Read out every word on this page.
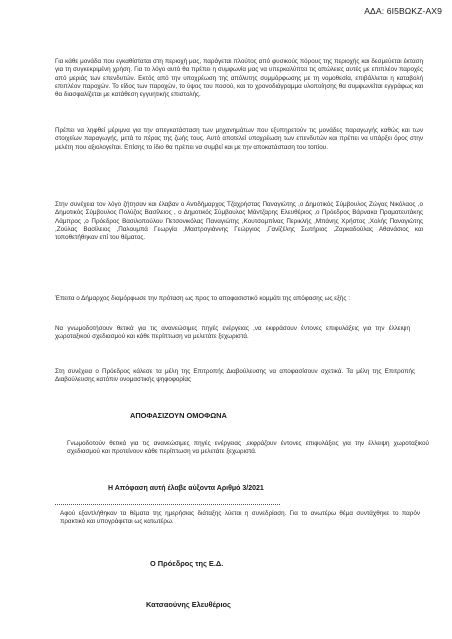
ΑΔΑ: 6Ι5ΒΩΚΖ-ΑΧ9
Για κάθε μονάδα που εγκαθίσταται στη περιοχή μας, παράγεται πλούτος από φυσικούς πόρους της περιοχής και δεσμεύεται έκταση για τη συγκεκριμένη χρήση. Για το λόγο αυτό θα πρέπει η συμφωνία μας να υπερκαλύπτει τις απώλειες αυτές με επιπλέον παροχές από μεριάς των επενδυτών. Εκτός από την υποχρέωση της απόλυτης συμμόρφωσης με τη νομοθεσία, επιβάλλεται η καταβολή επιπλέον παροχών. Το είδος των παροχών, το ύψος του ποσού, και το χρονοδιάγραμμα υλοποίησης θα συμφωνείται εγγράφως και θα διασφαλίζεται με κατάθεση εγγυητικής επιστολής.
Πρέπει να ληφθεί μέριμνα για την απεγκατάσταση των μηχανημάτων που εξυπηρετούν τις μονάδες παραγωγής καθώς και των στοιχείων παραγωγής, μετά το πέρας της ζωής τους. Αυτό αποτελεί υποχρέωση των επενδυτών και πρέπει να υπάρξει όρος στην μελέτη που αξιολογείται. Επίσης το ίδιο θα πρέπει να συμβεί και με την αποκατάσταση του τοπίου.
Στην συνέχεια τον λόγο ζήτησαν και έλαβαν ο Αντιδήμαρχος Τζαχρήστας Παναγιώτης ,ο Δημοτικός Σύμβουλος Ζώγας Νικόλαος ,ο Δημοτικός Σύμβουλος Πολύζος Βασίλειος , ο Δημοτικός Σύμβουλος Μάντζαρης Ελευθέριος ,ο Πρόεδρος Βάρνακα Πραματευτάκης Λάμπρος ,ο Πρόεδρος Βασιλοπούλου Πετσονικόλας Παναγιώτης ,Κουτσομπίνας Περικλής ,Μπάνης Χρήστος ,Χολής Παναγιώτης ,Ζούλας Βασίλειος ,Παλουμπά Γεωργία ,Μαστρογιάννης Γεώργιος ,Γανίζέλης Σωτήριος ,Ζαρκαδούλας Αθανάσιος και τοποθετήθηκαν επί του θέματος.
Έπειτα ο Δήμαρχος διαμόρφωσε την πρόταση ως προς το αποφασιστικό κομμάτι της απόφασης ως εξής :
Να γνωμοδοτήσουν θετικά για τις ανανεώσιμες πηγές ενέργειας ,να εκφράσουν έντονες επιφυλάξεις για την έλλειψη χωροταξικού σχεδιασμού και κάθε περίπτωση να μελετάτε ξεχωριστά.
Στη συνέχεια ο Πρόεδρος κάλεσε τα μέλη της Επιτροπής Διαβούλευσης να αποφασίσουν σχετικά. Τα μέλη της Επιτροπής Διαβούλευσης κατόπιν ονομαστικής ψηφοφορίας
ΑΠΟΦΑΣΙΖΟΥΝ ΟΜΟΦΩΝΑ
Γνωμοδοτούν θετικά για τις ανανεώσιμες πηγές ενέργειας ,εκφράζουν έντονες επιφυλάξεις για την έλλειψη χωροταξικού σχεδιασμού και προτείνουν κάθε περίπτωση να μελετάτε ξεχωριστά.
Η Απόφαση αυτή έλαβε αύξοντα Αριθμό 3/2021
Αφού εξαντλήθηκαν τα θέματα της ημερήσιας διάταξης λύεται η συνεδρίαση. Για το ανωτέρω θέμα συντάχθηκε το παρόν πρακτικό και υπογράφεται ως κατωτέρω.
Ο Πρόεδρος της Ε.Δ.
Κατσαούνης Ελευθέριος
